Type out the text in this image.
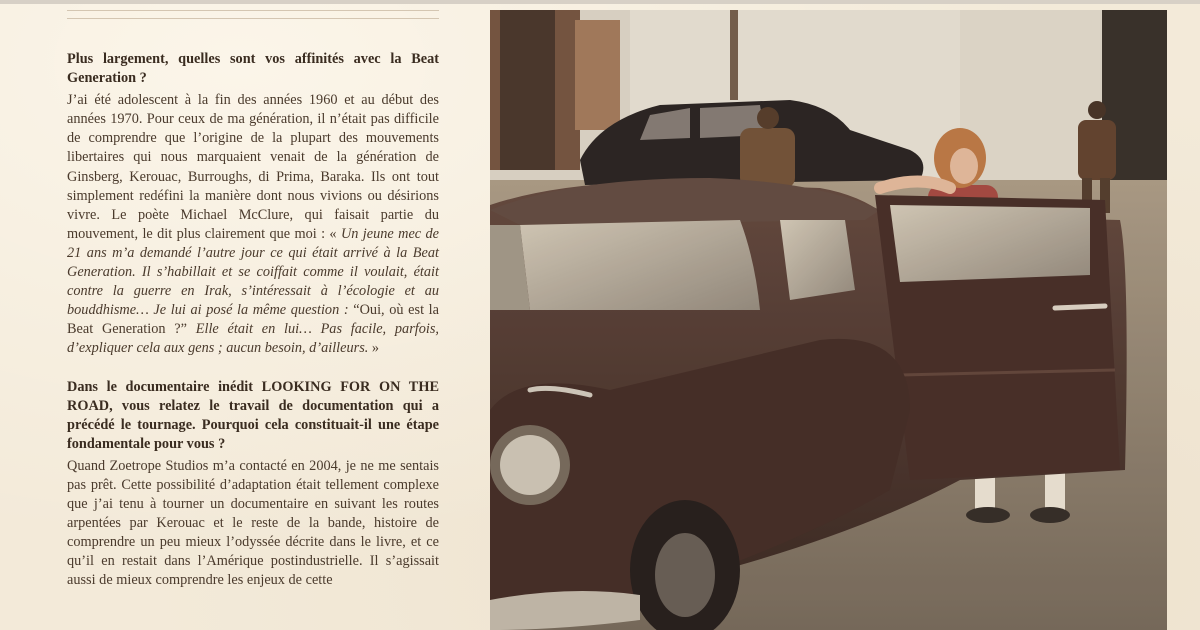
Plus largement, quelles sont vos affinités avec la Beat Generation ?

J’ai été adolescent à la fin des années 1960 et au début des années 1970. Pour ceux de ma génération, il n’était pas difficile de comprendre que l’origine de la plupart des mouvements libertaires qui nous marquaient venait de la génération de Ginsberg, Kerouac, Burroughs, di Prima, Baraka. Ils ont tout simplement redéfini la manière dont nous vivions ou désirions vivre. Le poète Michael McClure, qui faisait partie du mouvement, le dit plus clairement que moi : « Un jeune mec de 21 ans m’a demandé l’autre jour ce qui était arrivé à la Beat Generation. Il s’habillait et se coiffait comme il voulait, était contre la guerre en Irak, s’intéressait à l’écologie et au bouddhisme… Je lui ai posé la même question : “Oui, où est la Beat Generation ?” Elle était en lui… Pas facile, parfois, d’expliquer cela aux gens ; aucun besoin, d’ailleurs. »

Dans le documentaire inédit LOOKING FOR ON THE ROAD, vous relatez le travail de documentation qui a précédé le tournage. Pourquoi cela constituait-il une étape fondamentale pour vous ?

Quand Zoetrope Studios m’a contacté en 2004, je ne me sentais pas prêt. Cette possibilité d’adaptation était tellement complexe que j’ai tenu à tourner un documentaire en suivant les routes arpentées par Kerouac et le reste de la bande, histoire de comprendre un peu mieux l’odyssée décrite dans le livre, et ce qu’il en restait dans l’Amérique postindustrielle. Il s’agissait aussi de mieux comprendre les enjeux de cette
